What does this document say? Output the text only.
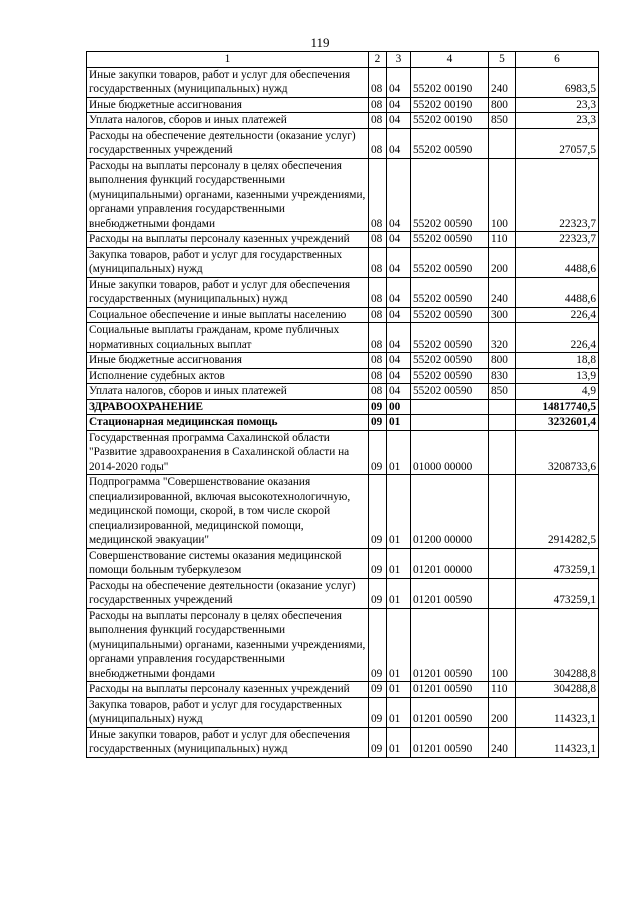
119
1	2	3	4	5	6
Иные закупки товаров, работ и услуг для обеспечения государственных (муниципальных) нужд	08	04	55202 00190	240	6983,5
Иные бюджетные ассигнования	08	04	55202 00190	800	23,3
Уплата налогов, сборов и иных платежей	08	04	55202 00190	850	23,3
Расходы на обеспечение деятельности (оказание услуг) государственных учреждений	08	04	55202 00590		27057,5
Расходы на выплаты персоналу в целях обеспечения выполнения функций государственными (муниципальными) органами, казенными учреждениями, органами управления государственными внебюджетными фондами	08	04	55202 00590	100	22323,7
Расходы на выплаты персоналу казенных учреждений	08	04	55202 00590	110	22323,7
Закупка товаров, работ и услуг для государственных (муниципальных) нужд	08	04	55202 00590	200	4488,6
Иные закупки товаров, работ и услуг для обеспечения государственных (муниципальных) нужд	08	04	55202 00590	240	4488,6
Социальное обеспечение и иные выплаты населению	08	04	55202 00590	300	226,4
Социальные выплаты гражданам, кроме публичных нормативных социальных выплат	08	04	55202 00590	320	226,4
Иные бюджетные ассигнования	08	04	55202 00590	800	18,8
Исполнение судебных актов	08	04	55202 00590	830	13,9
Уплата налогов, сборов и иных платежей	08	04	55202 00590	850	4,9
ЗДРАВООХРАНЕНИЕ	09	00			14817740,5
Стационарная медицинская помощь	09	01			3232601,4
Государственная программа Сахалинской области "Развитие здравоохранения в Сахалинской области на 2014-2020 годы"	09	01	01000 00000		3208733,6
Подпрограмма "Совершенствование оказания специализированной, включая высокотехнологичную, медицинской помощи, скорой, в том числе скорой специализированной, медицинской помощи, медицинской эвакуации"	09	01	01200 00000		2914282,5
Совершенствование системы оказания медицинской помощи больным туберкулезом	09	01	01201 00000		473259,1
Расходы на обеспечение деятельности (оказание услуг) государственных учреждений	09	01	01201 00590		473259,1
Расходы на выплаты персоналу в целях обеспечения выполнения функций государственными (муниципальными) органами, казенными учреждениями, органами управления государственными внебюджетными фондами	09	01	01201 00590	100	304288,8
Расходы на выплаты персоналу казенных учреждений	09	01	01201 00590	110	304288,8
Закупка товаров, работ и услуг для государственных (муниципальных) нужд	09	01	01201 00590	200	114323,1
Иные закупки товаров, работ и услуг для обеспечения государственных (муниципальных) нужд	09	01	01201 00590	240	114323,1
